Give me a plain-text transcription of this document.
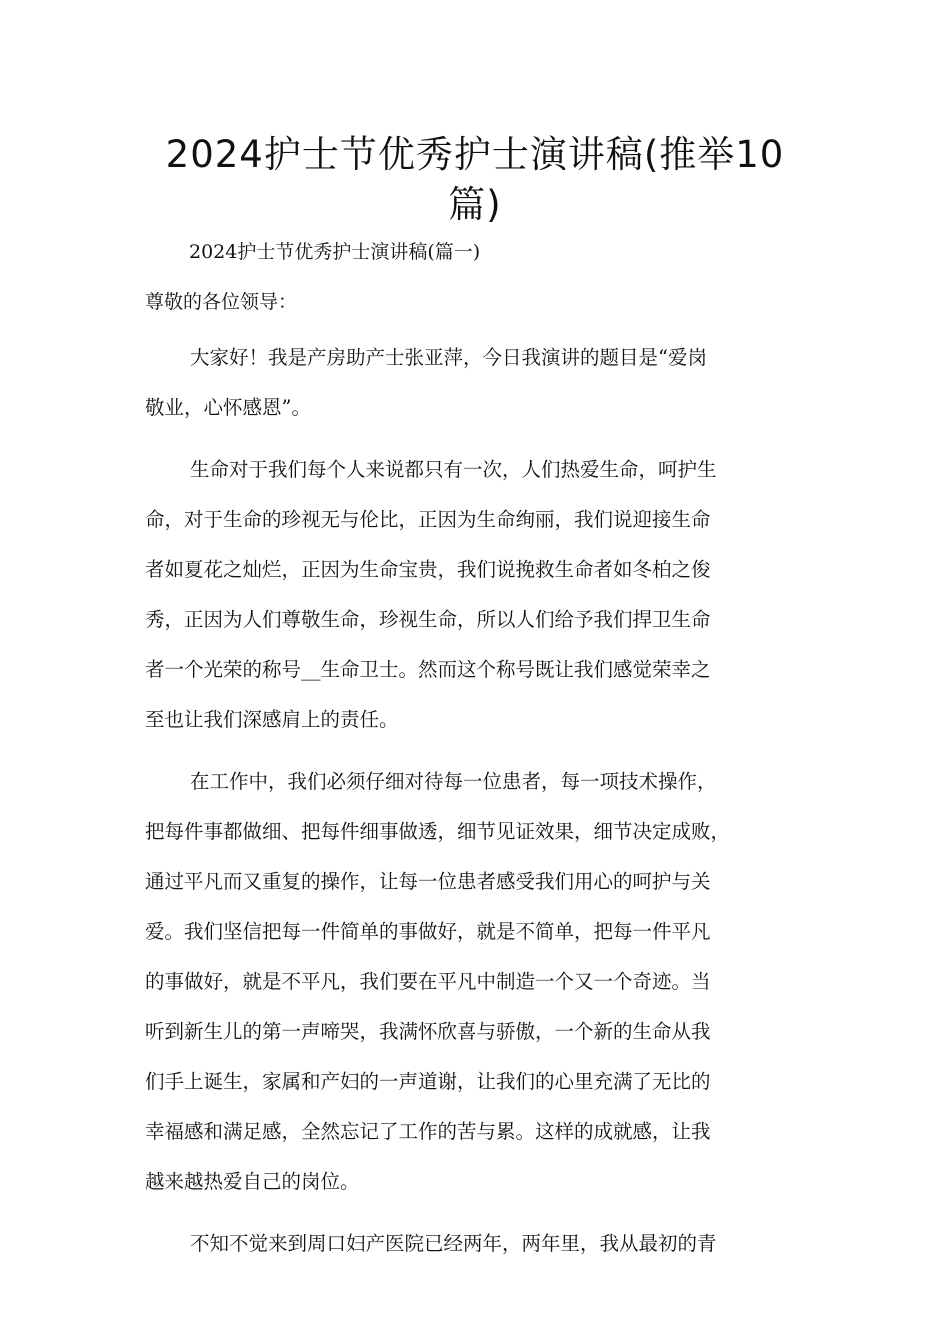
2024护士节优秀护士演讲稿(推举10
篇)

2024护士节优秀护士演讲稿(篇一)

尊敬的各位领导：

大家好！我是产房助产士张亚萍，今日我演讲的题目是“爱岗
敬业，心怀感恩”。
生命对于我们每个人来说都只有一次，人们热爱生命，呵护生
命，对于生命的珍视无与伦比，正因为生命绚丽，我们说迎接生命
者如夏花之灿烂，正因为生命宝贵，我们说挽救生命者如冬柏之俊
秀，正因为人们尊敬生命，珍视生命，所以人们给予我们捍卫生命
者一个光荣的称号__生命卫士。然而这个称号既让我们感觉荣幸之
至也让我们深感肩上的责任。
在工作中，我们必须仔细对待每一位患者，每一项技术操作，
把每件事都做细、把每件细事做透，细节见证效果，细节决定成败，
通过平凡而又重复的操作，让每一位患者感受我们用心的呵护与关
爱。我们坚信把每一件简单的事做好，就是不简单，把每一件平凡
的事做好，就是不平凡，我们要在平凡中制造一个又一个奇迹。当
听到新生儿的第一声啼哭，我满怀欣喜与骄傲，一个新的生命从我
们手上诞生，家属和产妇的一声道谢，让我们的心里充满了无比的
幸福感和满足感，全然忘记了工作的苦与累。这样的成就感，让我
越来越热爱自己的岗位。
不知不觉来到周口妇产医院已经两年，两年里，我从最初的青
